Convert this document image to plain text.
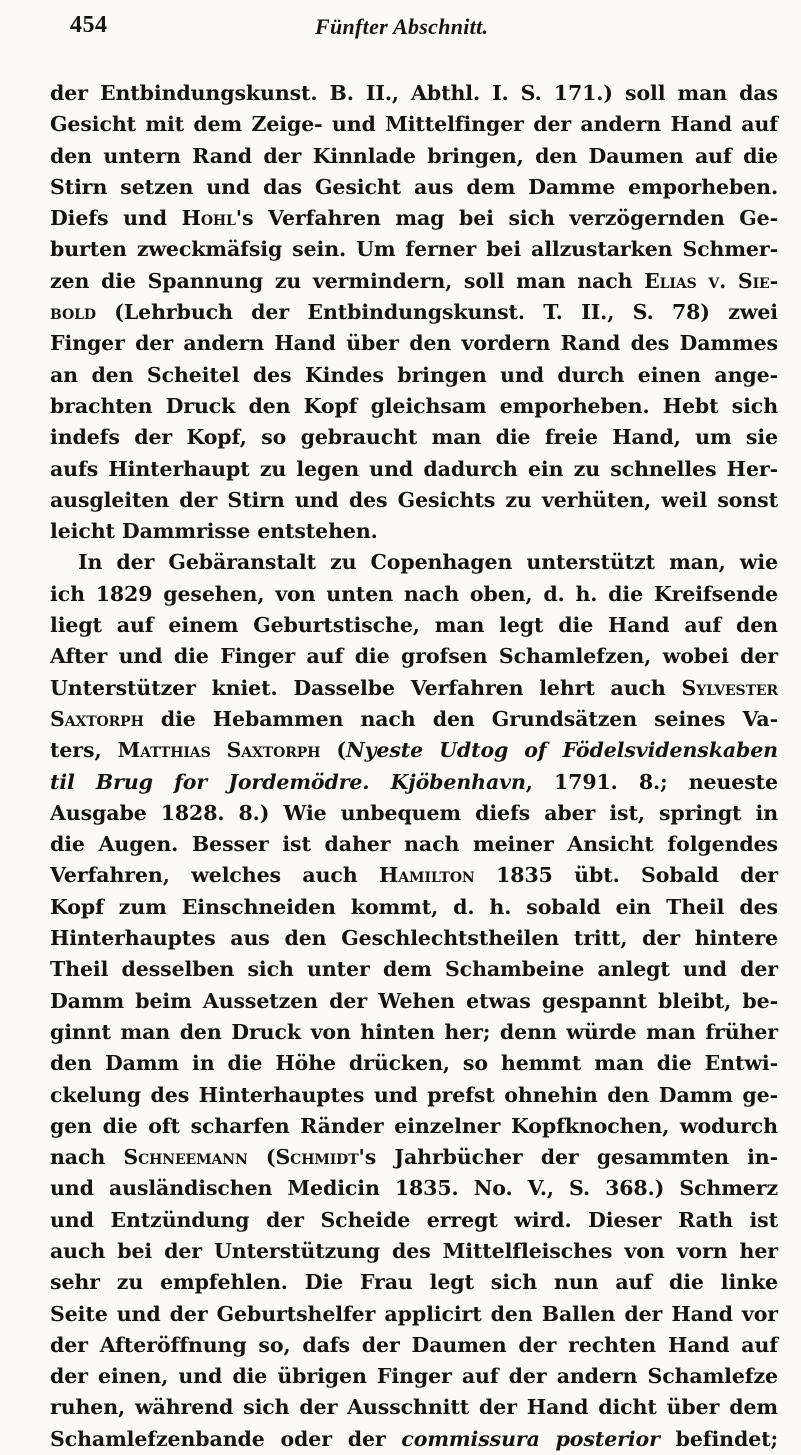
454	Fünfter Abschnitt.
der Entbindungskunst. B. II., Abthl. I. S. 171.) soll man das
Gesicht mit dem Zeige- und Mittelfinger der andern Hand auf
den untern Rand der Kinnlade bringen, den Daumen auf die
Stirn setzen und das Gesicht aus dem Damme emporheben.
Diefs und Hohl's Verfahren mag bei sich verzögernden Ge-
burten zweckmäfsig sein. Um ferner bei allzustarken Schmer-
zen die Spannung zu vermindern, soll man nach Elias v. Sie-
bold (Lehrbuch der Entbindungskunst. T. II., S. 78) zwei
Finger der andern Hand über den vordern Rand des Dammes
an den Scheitel des Kindes bringen und durch einen ange-
brachten Druck den Kopf gleichsam emporheben. Hebt sich
indefs der Kopf, so gebraucht man die freie Hand, um sie
aufs Hinterhaupt zu legen und dadurch ein zu schnelles Her-
ausgleiten der Stirn und des Gesichts zu verhüten, weil sonst
leicht Dammrisse entstehen.
In der Gebäranstalt zu Copenhagen unterstützt man, wie
ich 1829 gesehen, von unten nach oben, d. h. die Kreifsende
liegt auf einem Geburtstische, man legt die Hand auf den
After und die Finger auf die grofsen Schamlefzen, wobei der
Unterstützer kniet. Dasselbe Verfahren lehrt auch Sylvester
Saxtorph die Hebammen nach den Grundsätzen seines Va-
ters, Matthias Saxtorph (Nyeste Udtog of Födelsvidenskaben
til Brug for Jordemödre. Kjöbenhavn, 1791. 8.; neueste
Ausgabe 1828. 8.) Wie unbequem diefs aber ist, springt in
die Augen. Besser ist daher nach meiner Ansicht folgendes
Verfahren, welches auch Hamilton 1835 übt. Sobald der
Kopf zum Einschneiden kommt, d. h. sobald ein Theil des
Hinterhauptes aus den Geschlechtstheilen tritt, der hintere
Theil desselben sich unter dem Schambeine anlegt und der
Damm beim Aussetzen der Wehen etwas gespannt bleibt, be-
ginnt man den Druck von hinten her; denn würde man früher
den Damm in die Höhe drücken, so hemmt man die Entwi-
ckelung des Hinterhauptes und prefst ohnehin den Damm ge-
gen die oft scharfen Ränder einzelner Kopfknochen, wodurch
nach Schneemann (Schmidt's Jahrbücher der gesammten in-
und ausländischen Medicin 1835. No. V., S. 368.) Schmerz
und Entzündung der Scheide erregt wird. Dieser Rath ist
auch bei der Unterstützung des Mittelfleisches von vorn her
sehr zu empfehlen. Die Frau legt sich nun auf die linke
Seite und der Geburtshelfer applicirt den Ballen der Hand vor
der Afteröffnung so, dafs der Daumen der rechten Hand auf
der einen, und die übrigen Finger auf der andern Schamlefze
ruhen, während sich der Ausschnitt der Hand dicht über dem
Schamlefzenbande oder der commissura posterior befindet;
